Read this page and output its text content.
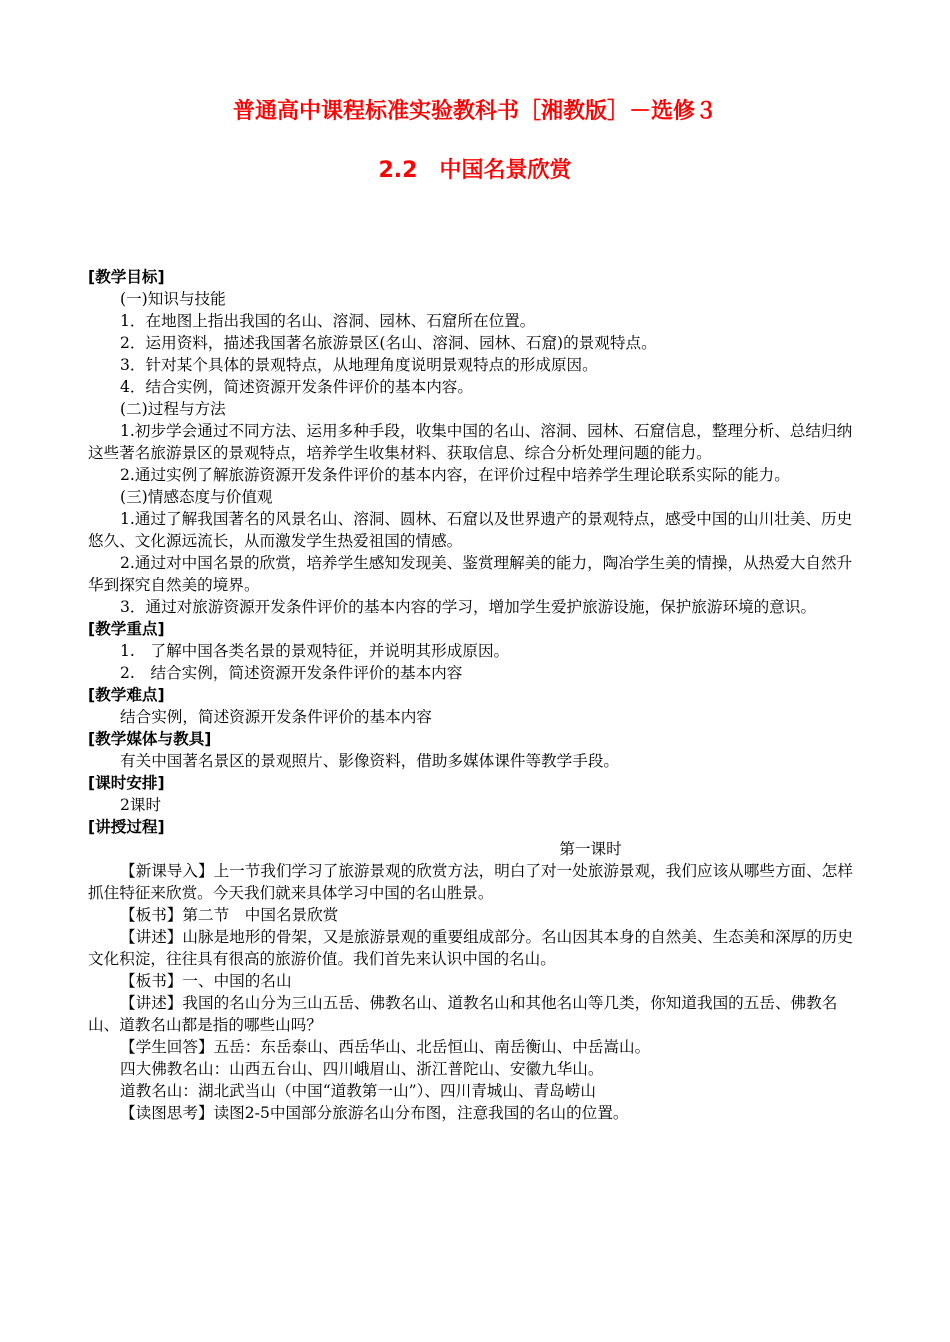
普通高中课程标准实验教科书［湘教版］－选修３
2.2　中国名景欣赏

[教学目标]

(一)知识与技能

1．在地图上指出我国的名山、溶洞、园林、石窟所在位置。

2．运用资料，描述我国著名旅游景区(名山、溶洞、园林、石窟)的景观特点。

3．针对某个具体的景观特点，从地理角度说明景观特点的形成原因。

4．结合实例，简述资源开发条件评价的基本内容。

(二)过程与方法

1.初步学会通过不同方法、运用多种手段，收集中国的名山、溶洞、园林、石窟信息，整理分析、总结归纳这些著名旅游景区的景观特点，培养学生收集材料、获取信息、综合分析处理问题的能力。

2.通过实例了解旅游资源开发条件评价的基本内容，在评价过程中培养学生理论联系实际的能力。

(三)情感态度与价值观

1.通过了解我国著名的风景名山、溶洞、圆林、石窟以及世界遗产的景观特点，感受中国的山川壮美、历史悠久、文化源远流长，从而激发学生热爱祖国的情感。

2.通过对中国名景的欣赏，培养学生感知发现美、鉴赏理解美的能力，陶冶学生美的情操，从热爱大自然升华到探究自然美的境界。

3．通过对旅游资源开发条件评价的基本内容的学习，增加学生爱护旅游设施，保护旅游环境的意识。

[教学重点]

1.　了解中国各类名景的景观特征，并说明其形成原因。

2.　结合实例，简述资源开发条件评价的基本内容

[教学难点]

结合实例，简述资源开发条件评价的基本内容

[教学媒体与教具]

有关中国著名景区的景观照片、影像资料，借助多媒体课件等教学手段。

[课时安排]

2课时

[讲授过程]

第一课时

【新课导入】上一节我们学习了旅游景观的欣赏方法，明白了对一处旅游景观，我们应该从哪些方面、怎样抓住特征来欣赏。今天我们就来具体学习中国的名山胜景。

【板书】第二节　中国名景欣赏

【讲述】山脉是地形的骨架，又是旅游景观的重要组成部分。名山因其本身的自然美、生态美和深厚的历史文化积淀，往往具有很高的旅游价值。我们首先来认识中国的名山。

【板书】一、中国的名山

【讲述】我国的名山分为三山五岳、佛教名山、道教名山和其他名山等几类，你知道我国的五岳、佛教名山、道教名山都是指的哪些山吗？

【学生回答】五岳：东岳泰山、西岳华山、北岳恒山、南岳衡山、中岳嵩山。

四大佛教名山：山西五台山、四川峨眉山、浙江普陀山、安徽九华山。

道教名山：湖北武当山（中国“道教第一山”）、四川青城山、青岛崂山

【读图思考】读图2-5中国部分旅游名山分布图，注意我国的名山的位置。
